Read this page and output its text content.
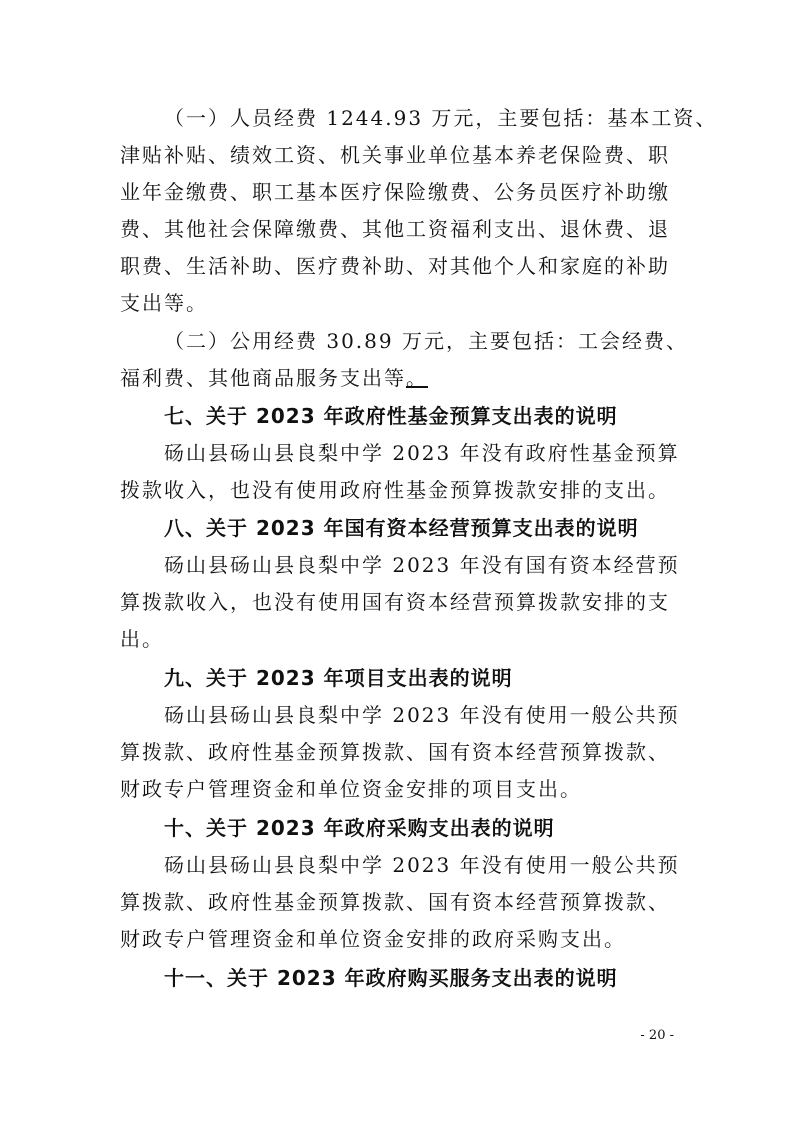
（一）人员经费 1244.93 万元，主要包括：基本工资、
津贴补贴、绩效工资、机关事业单位基本养老保险费、职
业年金缴费、职工基本医疗保险缴费、公务员医疗补助缴
费、其他社会保障缴费、其他工资福利支出、退休费、退
职费、生活补助、医疗费补助、对其他个人和家庭的补助
支出等。
（二）公用经费 30.89 万元，主要包括：工会经费、
福利费、其他商品服务支出等。
七、关于 2023 年政府性基金预算支出表的说明
砀山县砀山县良梨中学 2023 年没有政府性基金预算
拨款收入，也没有使用政府性基金预算拨款安排的支出。
八、关于 2023 年国有资本经营预算支出表的说明
砀山县砀山县良梨中学 2023 年没有国有资本经营预
算拨款收入，也没有使用国有资本经营预算拨款安排的支
出。
九、关于 2023 年项目支出表的说明
砀山县砀山县良梨中学 2023 年没有使用一般公共预
算拨款、政府性基金预算拨款、国有资本经营预算拨款、
财政专户管理资金和单位资金安排的项目支出。
十、关于 2023 年政府采购支出表的说明
砀山县砀山县良梨中学 2023 年没有使用一般公共预
算拨款、政府性基金预算拨款、国有资本经营预算拨款、
财政专户管理资金和单位资金安排的政府采购支出。
十一、关于 2023 年政府购买服务支出表的说明
- 20 -
